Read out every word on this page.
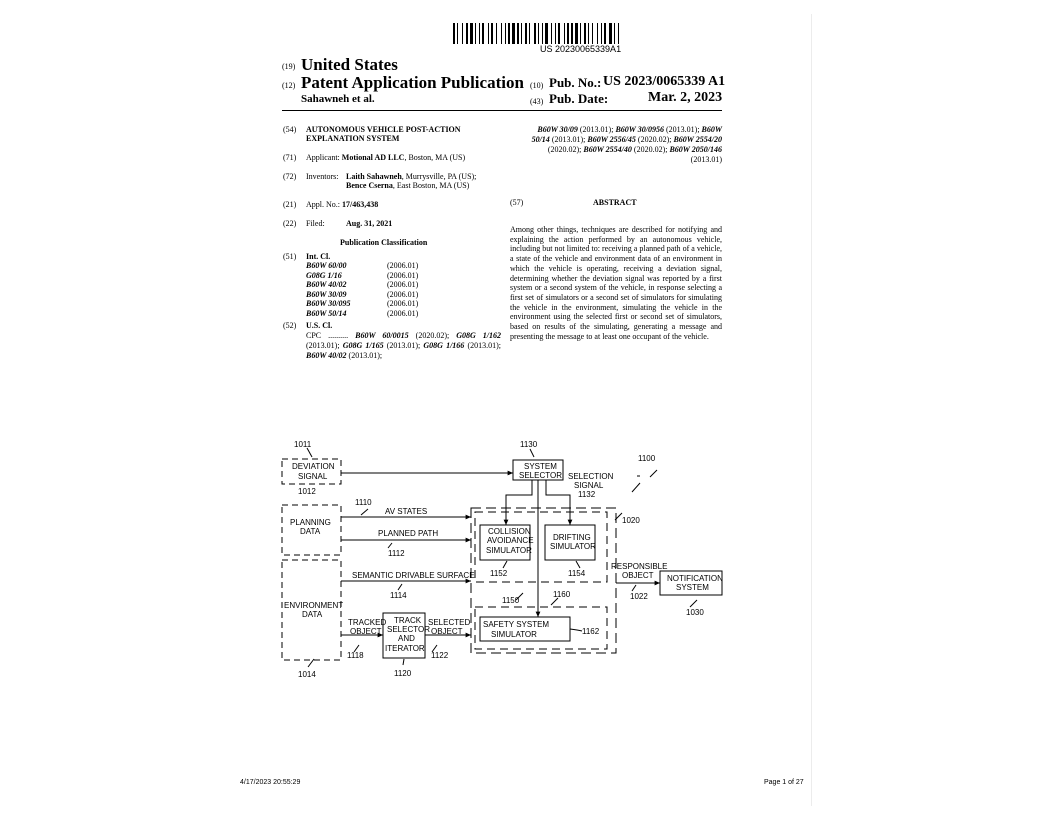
US 20230065339A1
(19) United States
(12) Patent Application Publication
Sahawneh et al.
(10) Pub. No.: US 2023/0065339 A1
(43) Pub. Date:	Mar. 2, 2023
(54) AUTONOMOUS VEHICLE POST-ACTION
EXPLANATION SYSTEM
(71) Applicant: Motional AD LLC, Boston, MA (US)
(72) Inventors: Laith Sahawneh, Murrysville, PA (US);
Bence Cserna, East Boston, MA (US)
(21) Appl. No.: 17/463,438
(22) Filed:	Aug. 31, 2021
Publication Classification
(51) Int. Cl.
B60W 60/00	(2006.01)
G08G 1/16	(2006.01)
B60W 40/02	(2006.01)
B60W 30/09	(2006.01)
B60W 30/095	(2006.01)
B60W 50/14	(2006.01)
(52) U.S. Cl.
CPC .......... B60W 60/0015 (2020.02); G08G 1/162 (2013.01); G08G 1/165 (2013.01); G08G 1/166 (2013.01); B60W 40/02 (2013.01);
B60W 30/09 (2013.01); B60W 30/0956 (2013.01); B60W 50/14 (2013.01); B60W 2556/45 (2020.02); B60W 2554/20 (2020.02); B60W 2554/40 (2020.02); B60W 2050/146 (2013.01)
(57)	ABSTRACT
Among other things, techniques are described for notifying and explaining the action performed by an autonomous vehicle, including but not limited to: receiving a planned path of a vehicle, a state of the vehicle and environment data of an environment in which the vehicle is operating, receiving a deviation signal, determining whether the deviation signal was reported by a first system or a second system of the vehicle, in response selecting a first set of simulators or a second set of simulators for simulating the vehicle in the environment, simulating the vehicle in the environment using the selected first or second set of simulators, based on results of the simulating, generating a message and presenting the message to at least one occupant of the vehicle.
1011
DEVIATION
SIGNAL
1012
PLANNING
DATA
ENVIRONMENT
DATA
1014
1130
SYSTEM
SELECTOR SELECTION
SIGNAL
1132
1100
1110
AV STATES
PLANNED PATH
1112
SEMANTIC DRIVABLE SURFACE
1114
COLLISION
AVOIDANCE
SIMULATOR
1152
DRIFTING
SIMULATOR
1154
1020
1150
1160
SAFETY SYSTEM
SIMULATOR	1162
RESPONSIBLE
OBJECT
1022
NOTIFICATION
SYSTEM
1030
TRACKED
OBJECT
1118
TRACK
SELECTOR
AND
ITERATOR
1120
SELECTED
OBJECT
1122
4/17/2023 20:55:29	Page 1 of 27
